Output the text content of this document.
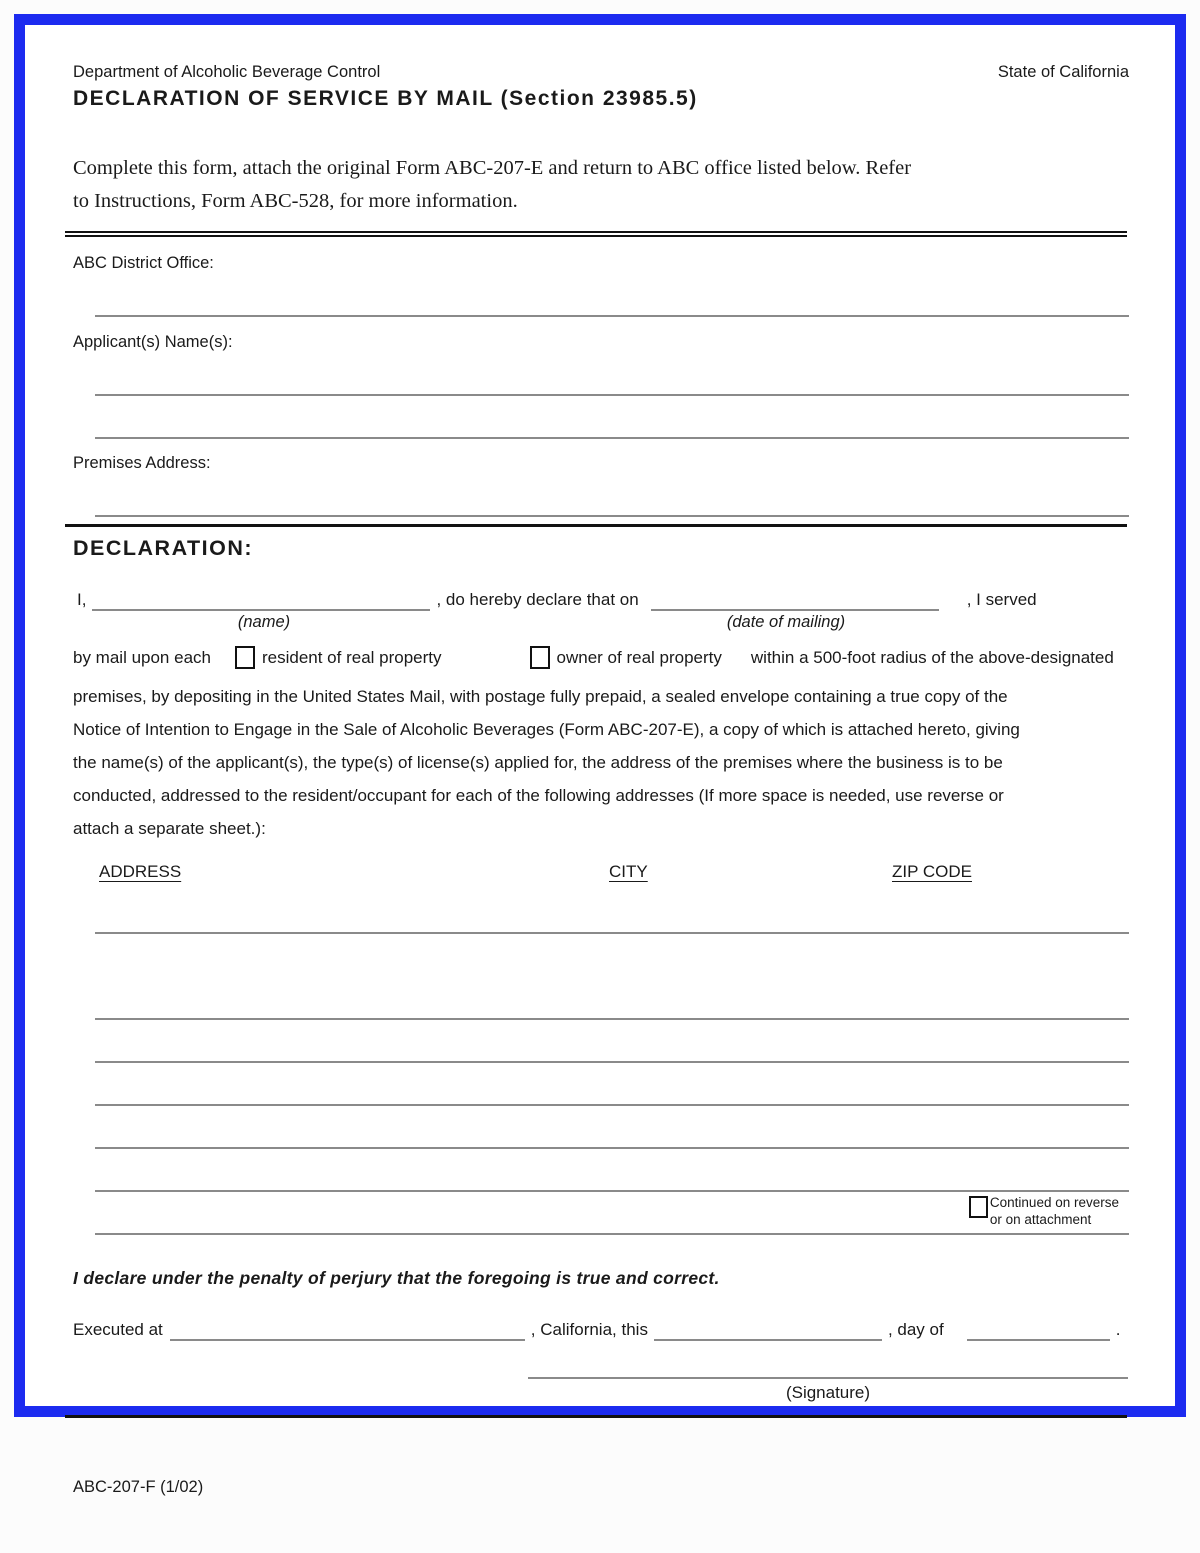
Department of Alcoholic Beverage Control	State of California
DECLARATION OF SERVICE BY MAIL (Section 23985.5)
Complete this form, attach the original Form ABC-207-E and return to ABC office listed below. Refer
to Instructions, Form ABC-528, for more information.
ABC District Office:
Applicant(s) Name(s):
Premises Address:
DECLARATION:
I,	, do hereby declare that on	, I served
(name)	(date of mailing)
by mail upon each	resident of real property	owner of real property within a 500-foot radius of the above-designated
premises, by depositing in the United States Mail, with postage fully prepaid, a sealed envelope containing a true copy of the
Notice of Intention to Engage in the Sale of Alcoholic Beverages (Form ABC-207-E), a copy of which is attached hereto, giving
the name(s) of the applicant(s), the type(s) of license(s) applied for, the address of the premises where the business is to be
conducted, addressed to the resident/occupant for each of the following addresses (If more space is needed, use reverse or
attach a separate sheet.):
ADDRESS	CITY	ZIP CODE
Continued on reverse
or on attachment
I declare under the penalty of perjury that the foregoing is true and correct.
Executed at	, California, this	, day of	.
(Signature)
ABC-207-F (1/02)
